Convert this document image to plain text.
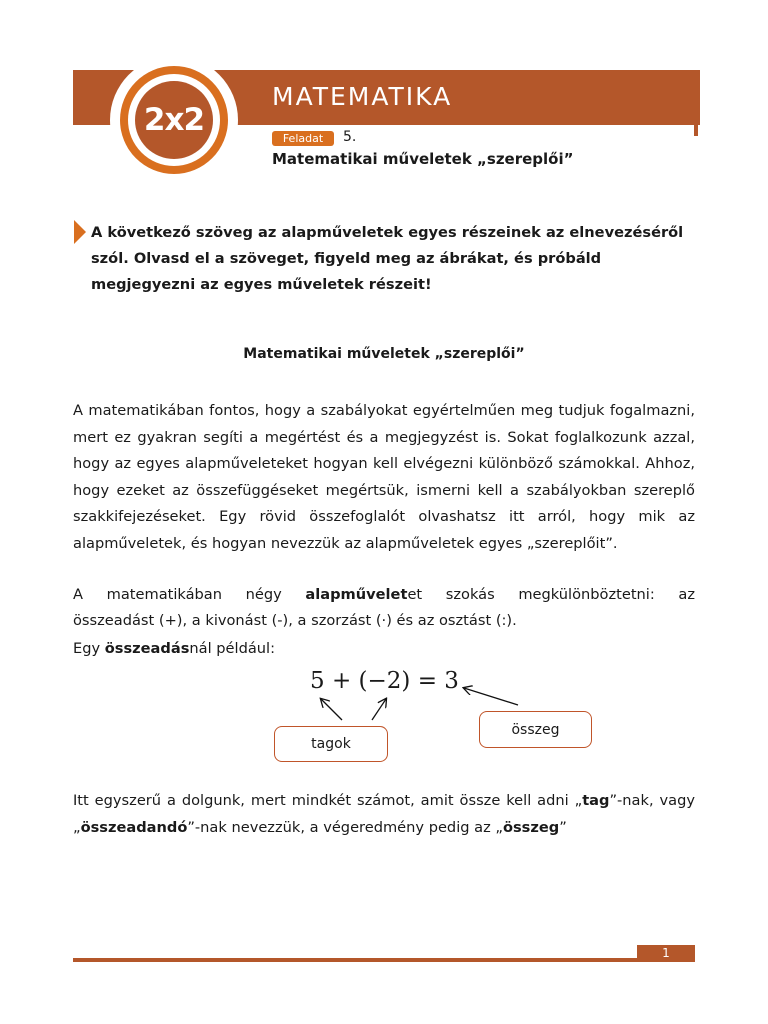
2x2
MATEMATIKA
Feladat	5.
Matematikai műveletek „szereplői”
A következő szöveg az alapműveletek egyes részeinek az elnevezéséről szól. Olvasd el a szöveget, figyeld meg az ábrákat, és próbáld megjegyezni az egyes műveletek részeit!
Matematikai műveletek „szereplői”
A matematikában fontos, hogy a szabályokat egyértelműen meg tudjuk fogalmazni, mert ez gyakran segíti a megértést és a megjegyzést is. Sokat foglalkozunk azzal, hogy az egyes alapműveleteket hogyan kell elvégezni különböző számokkal. Ahhoz, hogy ezeket az összefüggéseket megértsük, ismerni kell a szabályokban szereplő szakkifejezéseket. Egy rövid összefoglalót olvashatsz itt arról, hogy mik az alapműveletek, és hogyan nevezzük az alapműveletek egyes „szereplőit”.
A matematikában négy alapműveletet szokás megkülönböztetni: az
összeadást (+), a kivonást (-), a szorzást (·) és az osztást (:).
Egy összeadásnál például:
5 + (−2) = 3
tagok
összeg
Itt egyszerű a dolgunk, mert mindkét számot, amit össze kell adni „tag”-nak, vagy „összeadandó”-nak nevezzük, a végeredmény pedig az „összeg”
1
